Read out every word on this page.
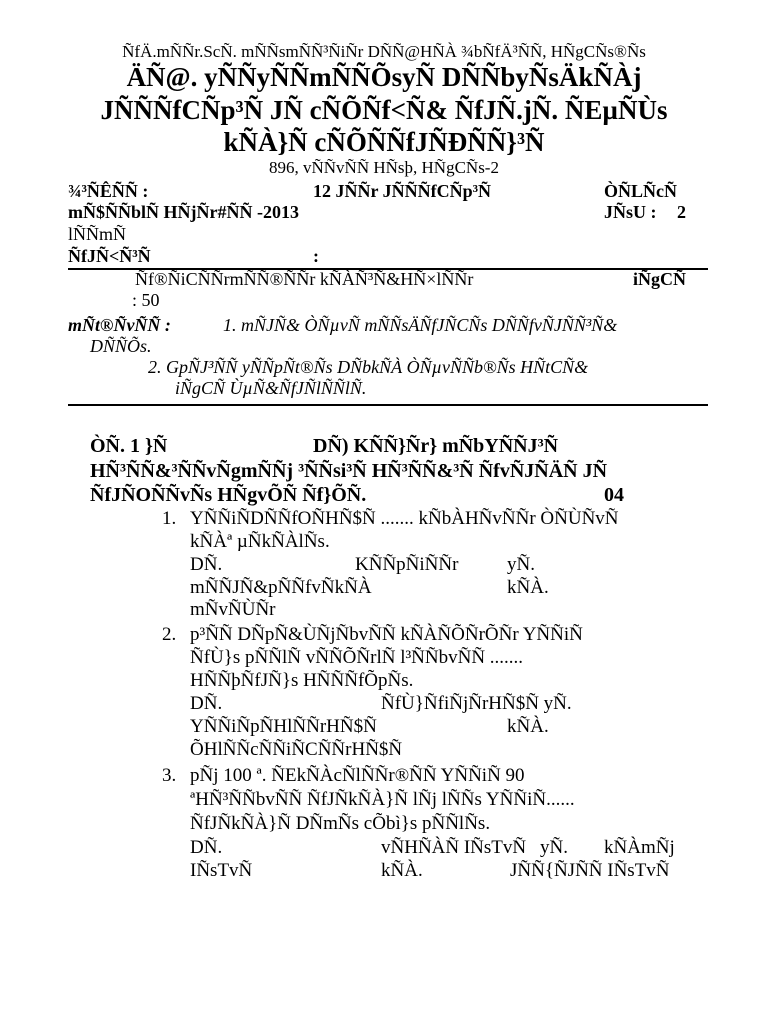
ÑfÄ.mÑÑr.ScÑ. mÑÑsmÑÑ³ÑiÑr DÑÑ@HÑÀ ¾bÑfÄ³ÑÑ, HÑgCÑs®Ñs
ÄÑ@. yÑÑyÑÑmÑÑÕsyÑ DÑÑbyÑsÄkÑÀj
JÑÑÑfCÑp³Ñ JÑ cÑÕÑf<Ñ& ÑfJÑ.jÑ. ÑEµÑÙs
kÑÀ}Ñ cÑÕÑÑfJÑÐÑÑ}³Ñ
896, vÑÑvÑÑ HÑsþ, HÑgCÑs-2
¾³ÑÊÑÑ :	12 JÑÑr JÑÑÑfCÑp³Ñ	ÒÑLÑcÑ
mÑ$ÑÑblÑ HÑjÑr#ÑÑ -2013	JÑsU : 2
lÑÑmÑ
ÑfJÑ<Ñ³Ñ	:
Ñf®ÑiCÑÑrmÑÑ®ÑÑr kÑÀÑ³Ñ&HÑ×lÑÑr	iÑgCÑ
: 50
mÑt®ÑvÑÑ :	1. mÑJÑ& ÒÑµvÑ mÑÑsÄÑfJÑCÑs DÑÑfvÑJÑÑ³Ñ&
DÑÑÕs.
2. GpÑJ³ÑÑ yÑÑpÑt®Ñs DÑbkÑÀ ÒÑµvÑÑb®Ñs HÑtCÑ&
iÑgCÑ ÙµÑ&ÑfJÑlÑÑlÑ.
ÒÑ. 1 }Ñ	DÑ) KÑÑ}Ñr} mÑbYÑÑJ³Ñ
HÑ³ÑÑ&³ÑÑvÑgmÑÑj ³ÑÑsi³Ñ HÑ³ÑÑ&³Ñ ÑfvÑJÑÄÑ JÑ
ÑfJÑOÑÑvÑs HÑgvÕÑ Ñf}ÕÑ.	04
1. YÑÑiÑDÑÑfOÑHÑ$Ñ ....... kÑbÀHÑvÑÑr ÒÑÙÑvÑ
kÑÀª µÑkÑÀlÑs.
DÑ.	KÑÑpÑiÑÑr	yÑ.
mÑÑJÑ&pÑÑfvÑkÑÀ	kÑÀ.
mÑvÑÙÑr
2. p³ÑÑ DÑpÑ&ÙÑjÑbvÑÑ kÑÀÑÕÑrÕÑr YÑÑiÑ
ÑfÙ}s pÑÑlÑ vÑÑÕÑrlÑ l³ÑÑbvÑÑ .......
HÑÑþÑfJÑ}s HÑÑÑfÕpÑs.
DÑ.	ÑfÙ}ÑfiÑjÑrHÑ$Ñ yÑ.
YÑÑiÑpÑHlÑÑrHÑ$Ñ	kÑÀ.
ÕHlÑÑcÑÑiÑCÑÑrHÑ$Ñ
3. pÑj 100 ª. ÑEkÑÀcÑlÑÑr®ÑÑ YÑÑiÑ 90
ªHÑ³ÑÑbvÑÑ ÑfJÑkÑÀ}Ñ lÑj lÑÑs YÑÑiÑ......
ÑfJÑkÑÀ}Ñ DÑmÑs cÕbì}s pÑÑlÑs.
DÑ.	vÑHÑÀÑ IÑsTvÑ yÑ. kÑÀmÑj
IÑsTvÑ	kÑÀ.	JÑÑ{ÑJÑÑ IÑsTvÑ
